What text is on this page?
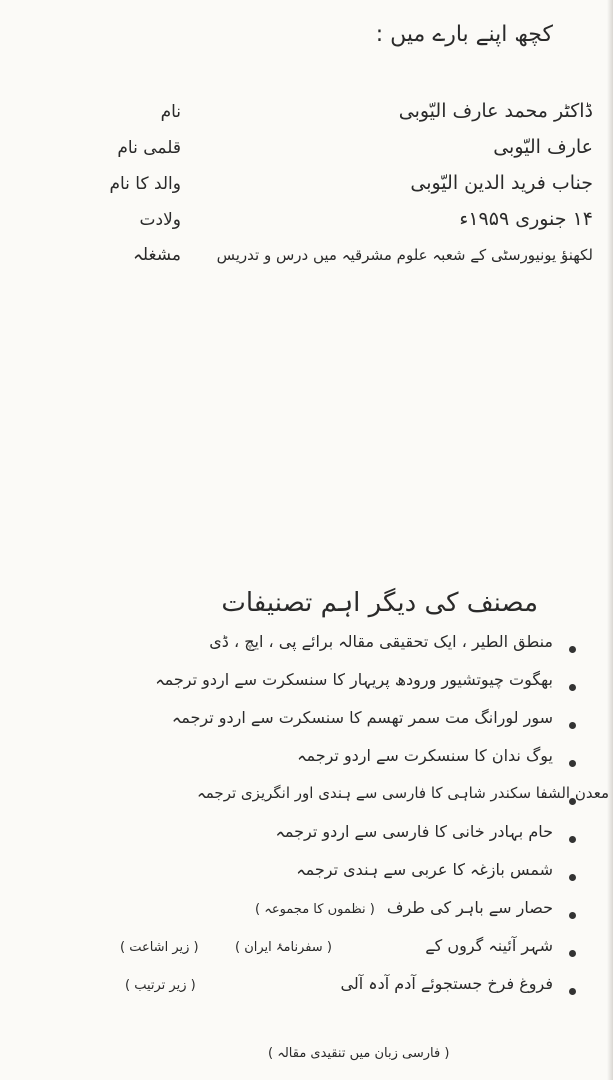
کچھ اپنے بارے میں :
نام	ڈاکٹر محمد عارف الیّوبی
قلمی نام	عارف الیّوبی
والد کا نام	جناب فرید الدین الیّوبی
ولادت	۱۴ جنوری ۱۹۵۹ء
مشغلہ	لکھنؤ یونیورسٹی کے شعبہ علوم مشرقیہ میں درس و تدریس
مصنف کی دیگر اہم تصنیفات
منطق الطیر ، ایک تحقیقی مقالہ برائے پی ، ایچ ، ڈی
بھگوت چیوتشیور ورودھ پریہار کا سنسکرت سے اردو ترجمہ
سور لورانگ مت سمر تھسم کا سنسکرت سے اردو ترجمہ
یوگ ندان کا سنسکرت سے اردو ترجمہ
معدن الشفا سکندر شاہی کا فارسی سے ہندی اور انگریزی ترجمہ
حام بہادر خانی کا فارسی سے اردو ترجمہ
شمس بازغہ کا عربی سے ہندی ترجمہ
حصار سے باہر کی طرف
( نظموں کا مجموعہ )
شہر آئینہ گروں کے
( سفرنامۂ ایران )
( زیر اشاعت )
فروغ فرخ جستجوئے آدم آدہ آلی
( زیر ترتیب )
( فارسی زبان میں تنقیدی مقالہ )
